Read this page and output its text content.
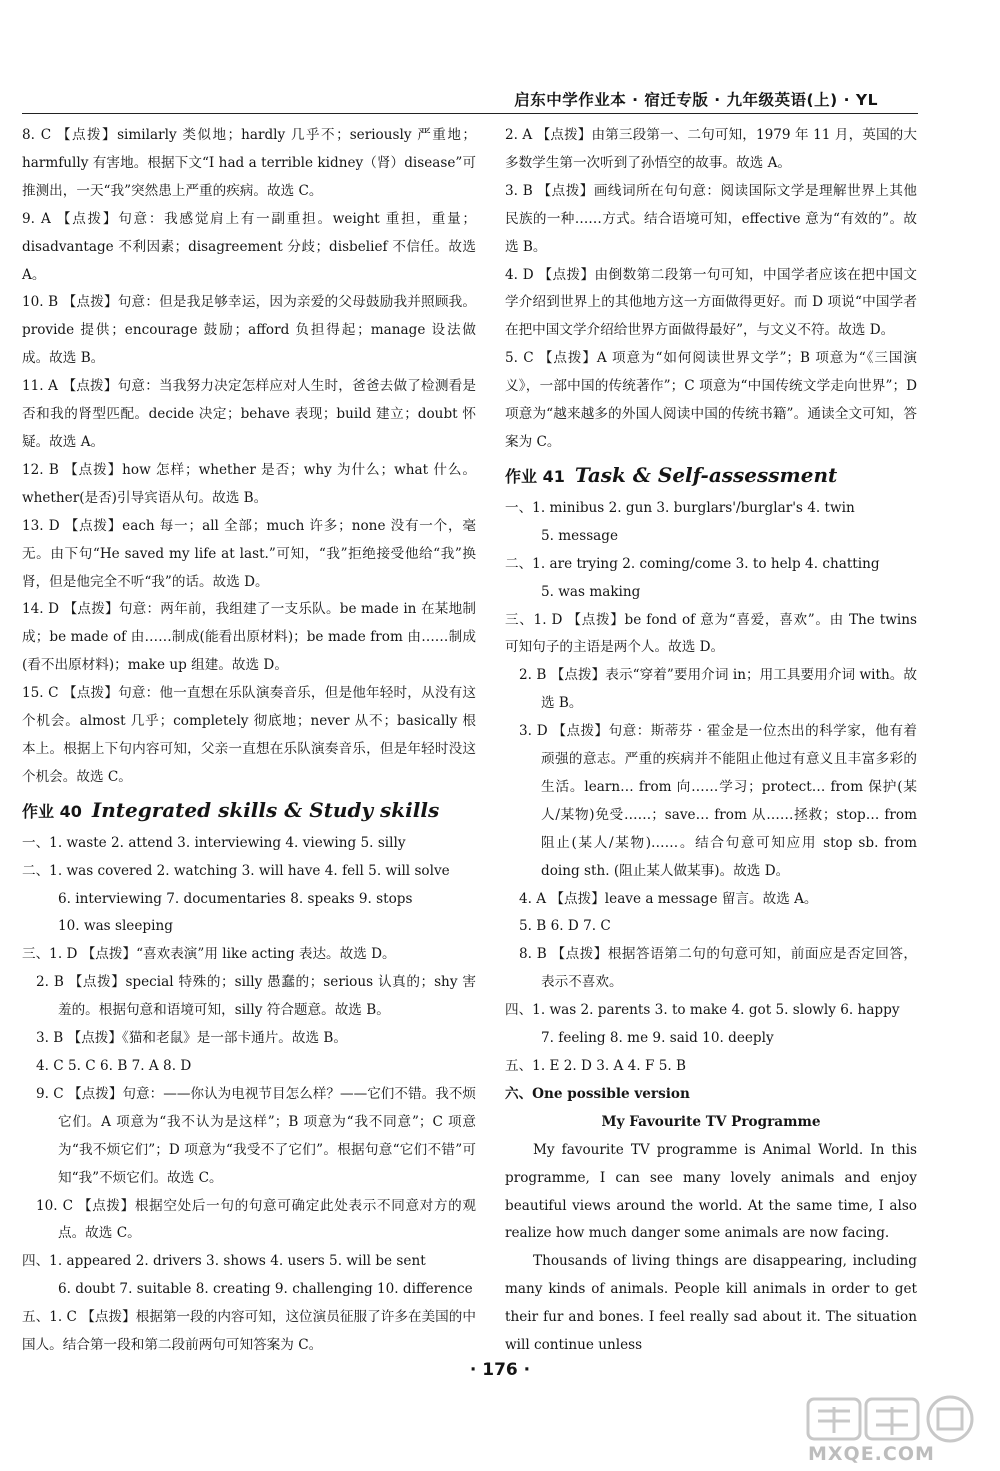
启东中学作业本 · 宿迁专版 · 九年级英语(上) · YL

8. C 【点拨】similarly 类似地；hardly 几乎不；seriously 严重地；harmfully 有害地。根据下文“I had a terrible kidney（肾）disease”可推测出，一天“我”突然患上严重的疾病。故选 C。

9. A 【点拨】句意：我感觉肩上有一副重担。weight 重担，重量；disadvantage 不利因素；disagreement 分歧；disbelief 不信任。故选 A。

10. B 【点拨】句意：但是我足够幸运，因为亲爱的父母鼓励我并照顾我。provide 提供；encourage 鼓励；afford 负担得起；manage 设法做成。故选 B。

11. A 【点拨】句意：当我努力决定怎样应对人生时，爸爸去做了检测看是否和我的肾型匹配。decide 决定；behave 表现；build 建立；doubt 怀疑。故选 A。

12. B 【点拨】how 怎样；whether 是否；why 为什么；what 什么。whether(是否)引导宾语从句。故选 B。

13. D 【点拨】each 每一；all 全部；much 许多；none 没有一个，毫无。由下句“He saved my life at last.”可知，“我”拒绝接受他给“我”换肾，但是他完全不听“我”的话。故选 D。

14. D 【点拨】句意：两年前，我组建了一支乐队。be made in 在某地制成；be made of 由……制成(能看出原材料)；be made from 由……制成(看不出原材料)；make up 组建。故选 D。

15. C 【点拨】句意：他一直想在乐队演奏音乐，但是他年轻时，从没有这个机会。almost 几乎；completely 彻底地；never 从不；basically 根本上。根据上下句内容可知，父亲一直想在乐队演奏音乐，但是年轻时没这个机会。故选 C。

作业 40 Integrated skills & Study skills

一、1. waste 2. attend 3. interviewing 4. viewing 5. silly

二、1. was covered 2. watching 3. will have 4. fell 5. will solve

6. interviewing 7. documentaries 8. speaks 9. stops

10. was sleeping

三、1. D 【点拨】“喜欢表演”用 like acting 表达。故选 D。

2. B 【点拨】special 特殊的；silly 愚蠢的；serious 认真的；shy 害羞的。根据句意和语境可知，silly 符合题意。故选 B。

3. B 【点拨】《猫和老鼠》是一部卡通片。故选 B。

4. C 5. C 6. B 7. A 8. D

9. C 【点拨】句意：——你认为电视节目怎么样？——它们不错。我不烦它们。A 项意为“我不认为是这样”；B 项意为“我不同意”；C 项意为“我不烦它们”；D 项意为“我受不了它们”。根据句意“它们不错”可知“我”不烦它们。故选 C。

10. C 【点拨】根据空处后一句的句意可确定此处表示不同意对方的观点。故选 C。

四、1. appeared 2. drivers 3. shows 4. users 5. will be sent

6. doubt 7. suitable 8. creating 9. challenging 10. difference

五、1. C 【点拨】根据第一段的内容可知，这位演员征服了许多在美国的中国人。结合第一段和第二段前两句可知答案为 C。

2. A 【点拨】由第三段第一、二句可知，1979 年 11 月，英国的大多数学生第一次听到了孙悟空的故事。故选 A。

3. B 【点拨】画线词所在句句意：阅读国际文学是理解世界上其他民族的一种……方式。结合语境可知，effective 意为“有效的”。故选 B。

4. D 【点拨】由倒数第二段第一句可知，中国学者应该在把中国文学介绍到世界上的其他地方这一方面做得更好。而 D 项说“中国学者在把中国文学介绍给世界方面做得最好”，与文义不符。故选 D。

5. C 【点拨】A 项意为“如何阅读世界文学”；B 项意为“《三国演义》，一部中国的传统著作”；C 项意为“中国传统文学走向世界”；D 项意为“越来越多的外国人阅读中国的传统书籍”。通读全文可知，答案为 C。

作业 41 Task & Self-assessment

一、1. minibus 2. gun 3. burglars'/burglar's 4. twin

5. message

二、1. are trying 2. coming/come 3. to help 4. chatting

5. was making

三、1. D 【点拨】be fond of 意为“喜爱，喜欢”。由 The twins 可知句子的主语是两个人。故选 D。

2. B 【点拨】表示“穿着”要用介词 in；用工具要用介词 with。故选 B。

3. D 【点拨】句意：斯蒂芬 · 霍金是一位杰出的科学家，他有着顽强的意志。严重的疾病并不能阻止他过有意义且丰富多彩的生活。learn… from 向……学习；protect… from 保护(某人/某物)免受……；save… from 从……拯救；stop… from 阻止(某人/某物)……。结合句意可知应用 stop sb. from doing sth. (阻止某人做某事)。故选 D。

4. A 【点拨】leave a message 留言。故选 A。

5. B 6. D 7. C

8. B 【点拨】根据答语第二句的句意可知，前面应是否定回答，表示不喜欢。

四、1. was 2. parents 3. to make 4. got 5. slowly 6. happy

7. feeling 8. me 9. said 10. deeply

五、1. E 2. D 3. A 4. F 5. B

六、One possible version

My Favourite TV Programme

My favourite TV programme is Animal World. In this programme, I can see many lovely animals and enjoy beautiful views around the world. At the same time, I also realize how much danger some animals are now facing.

Thousands of living things are disappearing, including many kinds of animals. People kill animals in order to get their fur and bones. I feel really sad about it. The situation will continue unless

· 176 ·
MXQE.COM
